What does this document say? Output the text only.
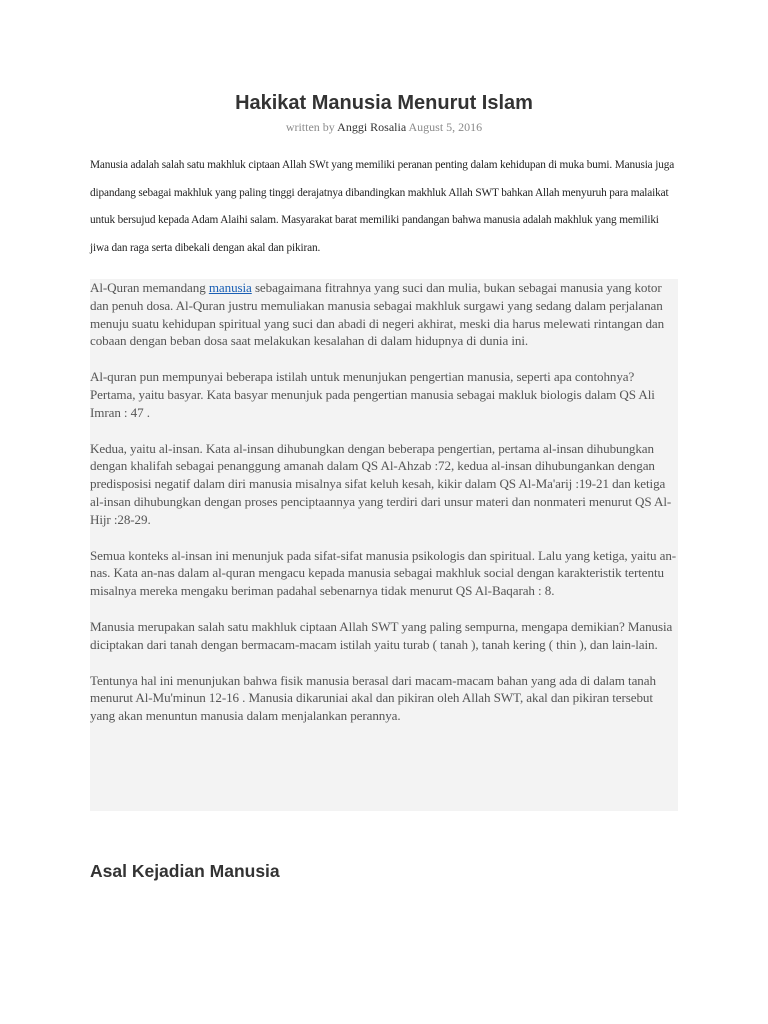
Hakikat Manusia Menurut Islam
written by Anggi Rosalia August 5, 2016

Manusia adalah salah satu makhluk ciptaan Allah SWt yang memiliki peranan penting dalam kehidupan di muka bumi. Manusia juga dipandang sebagai makhluk yang paling tinggi derajatnya dibandingkan makhluk Allah SWT bahkan Allah menyuruh para malaikat untuk bersujud kepada Adam Alaihi salam. Masyarakat barat memiliki pandangan bahwa manusia adalah makhluk yang memiliki jiwa dan raga serta dibekali dengan akal dan pikiran.

Al-Quran memandang manusia sebagaimana fitrahnya yang suci dan mulia, bukan sebagai manusia yang kotor dan penuh dosa. Al-Quran justru memuliakan manusia sebagai makhluk surgawi yang sedang dalam perjalanan menuju suatu kehidupan spiritual yang suci dan abadi di negeri akhirat, meski dia harus melewati rintangan dan cobaan dengan beban dosa saat melakukan kesalahan di dalam hidupnya di dunia ini.

Al-quran pun mempunyai beberapa istilah untuk menunjukan pengertian manusia, seperti apa contohnya? Pertama, yaitu basyar. Kata basyar menunjuk pada pengertian manusia sebagai makluk biologis dalam QS Ali Imran : 47 .

Kedua, yaitu al-insan. Kata al-insan dihubungkan dengan beberapa pengertian, pertama al-insan dihubungkan dengan khalifah sebagai penanggung amanah dalam QS Al-Ahzab :72, kedua al-insan dihubungankan dengan predisposisi negatif dalam diri manusia misalnya sifat keluh kesah, kikir dalam QS Al-Ma'arij :19-21 dan ketiga al-insan dihubungkan dengan proses penciptaannya yang terdiri dari unsur materi dan nonmateri menurut QS Al-Hijr :28-29.

Semua konteks al-insan ini menunjuk pada sifat-sifat manusia psikologis dan spiritual. Lalu yang ketiga, yaitu an-nas. Kata an-nas dalam al-quran mengacu kepada manusia sebagai makhluk social dengan karakteristik tertentu misalnya mereka mengaku beriman padahal sebenarnya tidak menurut QS Al-Baqarah : 8.

Manusia merupakan salah satu makhluk ciptaan Allah SWT yang paling sempurna, mengapa demikian? Manusia diciptakan dari tanah dengan bermacam-macam istilah yaitu turab ( tanah ), tanah kering ( thin ), dan lain-lain.

Tentunya hal ini menunjukan bahwa fisik manusia berasal dari macam-macam bahan yang ada di dalam tanah menurut Al-Mu'minun 12-16 . Manusia dikaruniai akal dan pikiran oleh Allah SWT, akal dan pikiran tersebut yang akan menuntun manusia dalam menjalankan perannya.

Asal Kejadian Manusia
